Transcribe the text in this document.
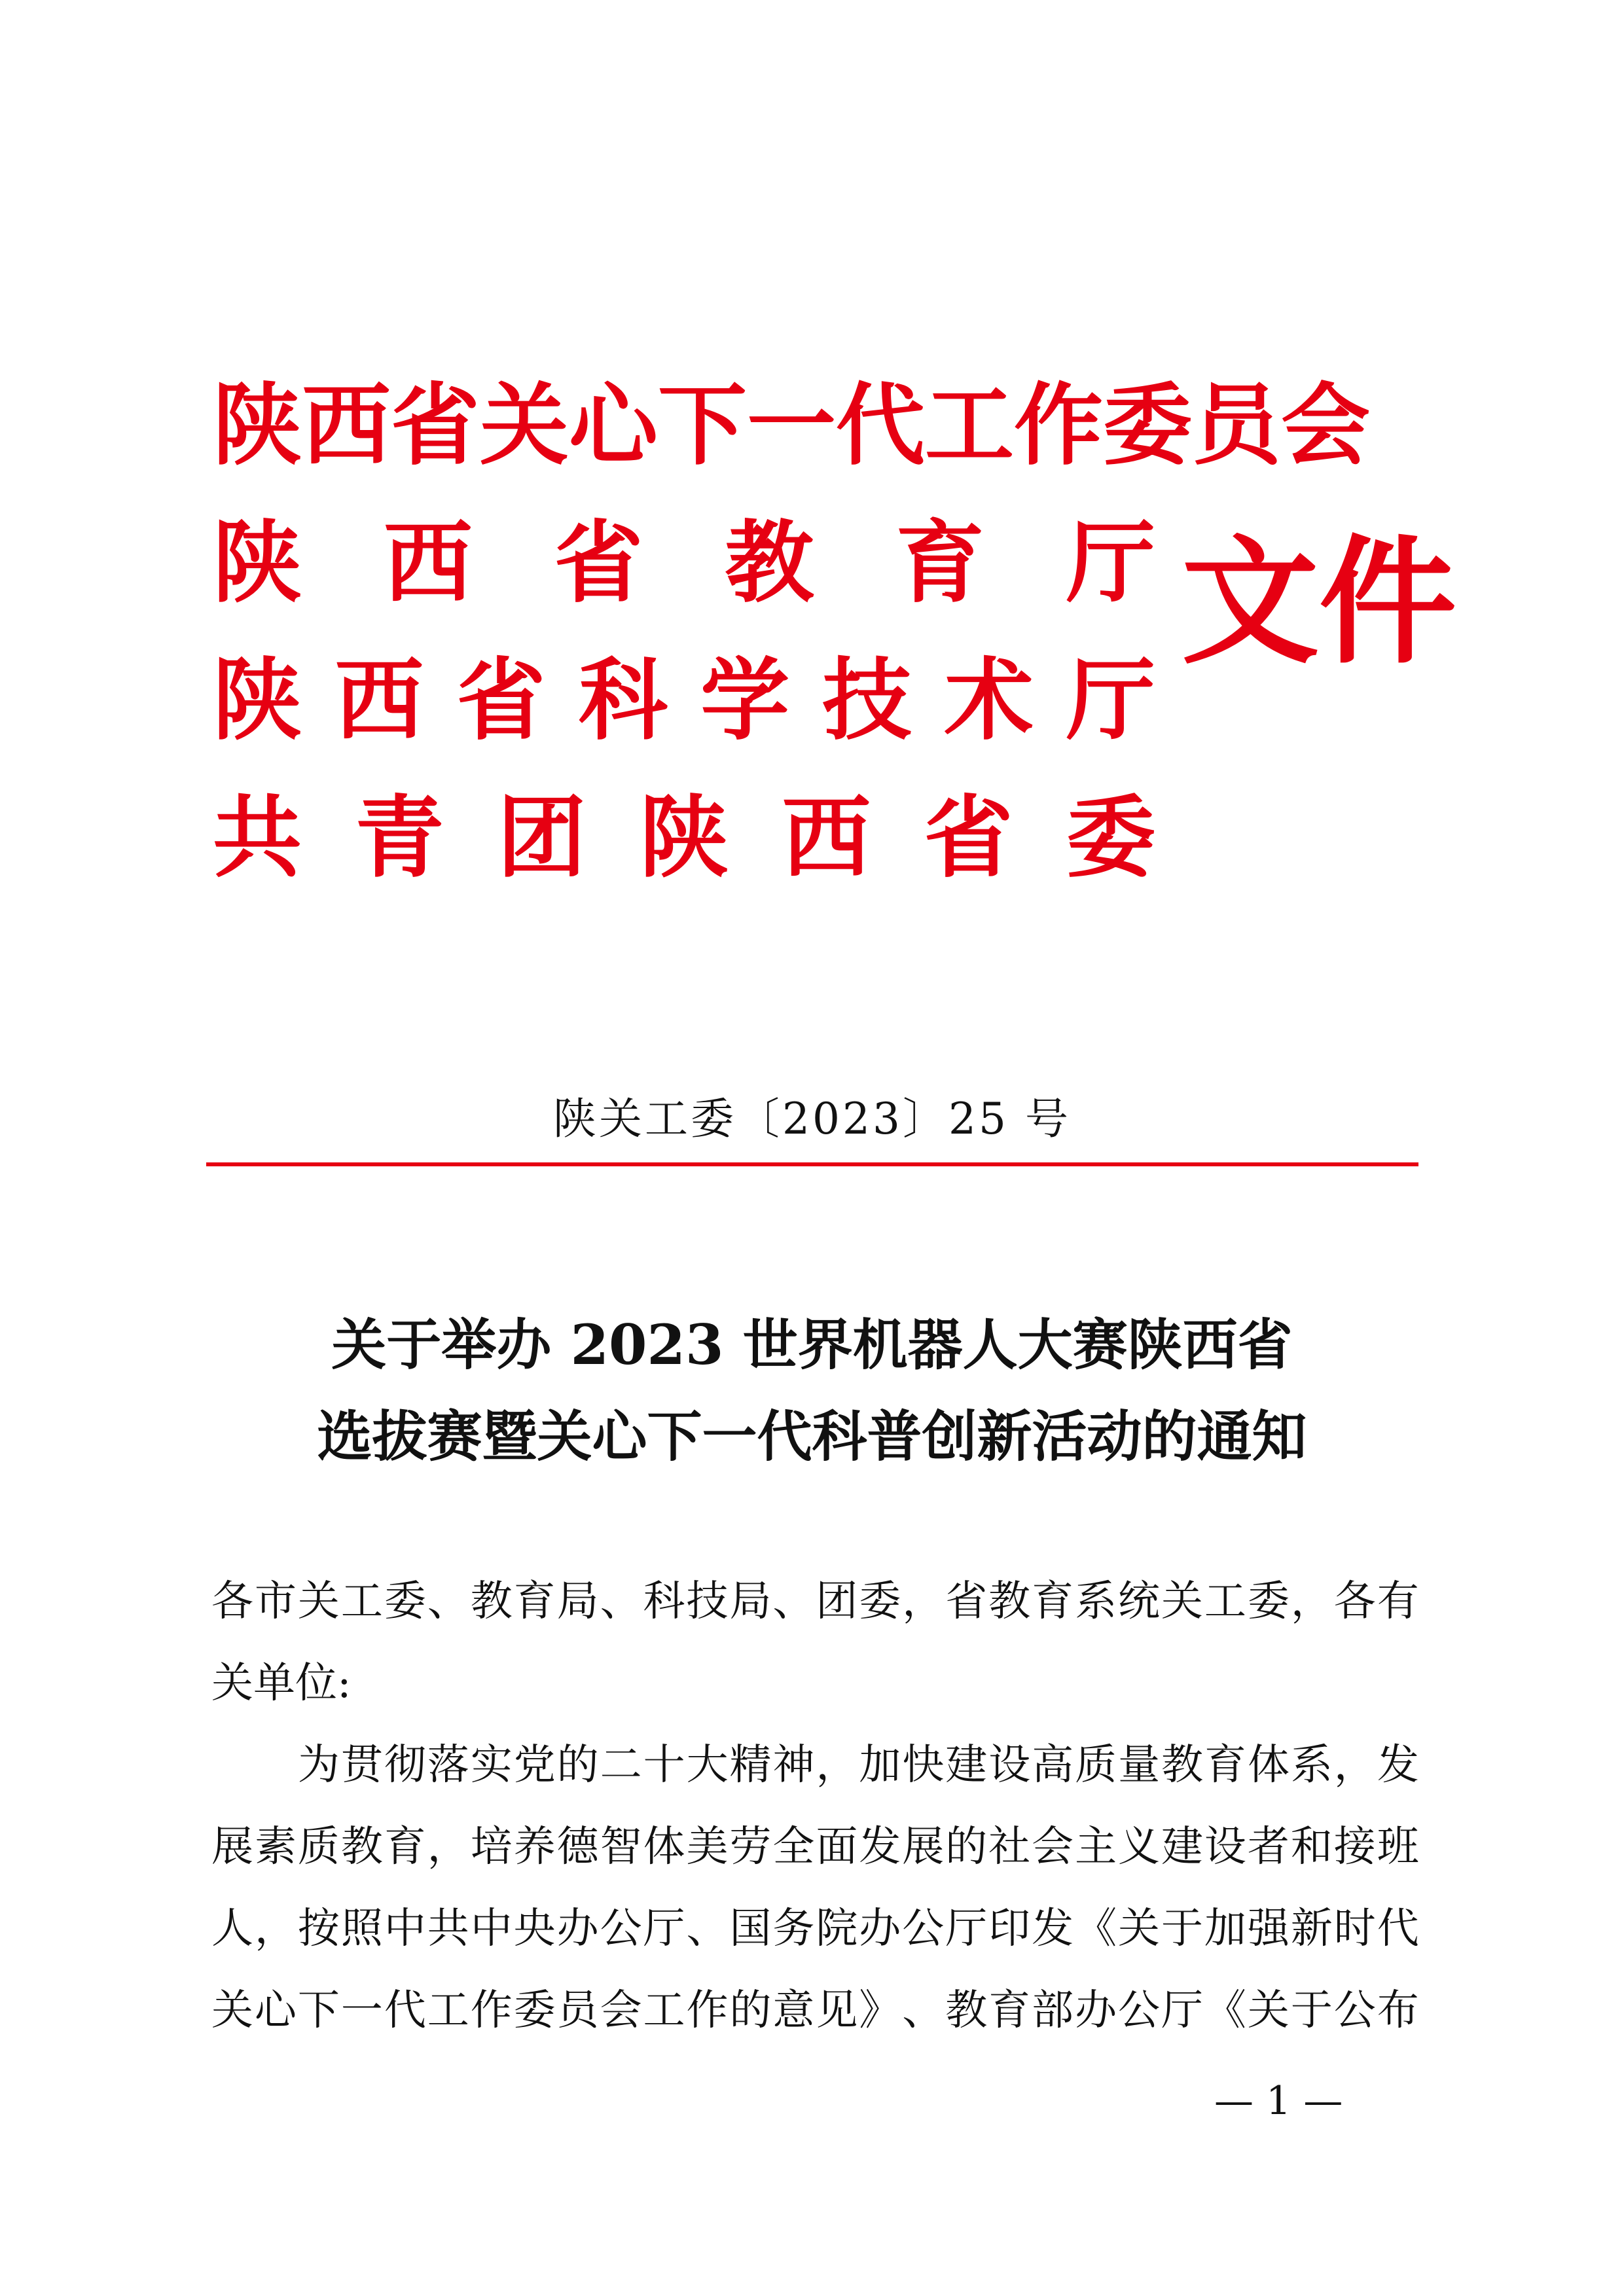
陕 西 省 关 心 下 一 代 工 作 委 员 会
陕 西 省 教 育 厅
陕 西 省 科 学 技 术 厅
共 青 团 陕 西 省 委
文件
陕关工委〔2023〕25 号
关于举办 2023 世界机器人大赛陕西省
选拔赛暨关心下一代科普创新活动的通知
各 市 关 工 委 、 教 育 局 、 科 技 局 、 团 委 ， 省 教 育 系 统 关 工 委 ， 各 有
关单位:
为 贯 彻 落 实 党 的 二 十 大 精 神 ， 加 快 建 设 高 质 量 教 育 体 系 ， 发
展 素 质 教 育 ， 培 养 德 智 体 美 劳 全 面 发 展 的 社 会 主 义 建 设 者 和 接 班
人 ， 按 照 中 共 中 央 办 公 厅 、 国 务 院 办 公 厅 印 发 《 关 于 加 强 新 时 代
关 心 下 一 代 工 作 委 员 会 工 作 的 意 见 》 、 教 育 部 办 公 厅 《 关 于 公 布
— 1 —
